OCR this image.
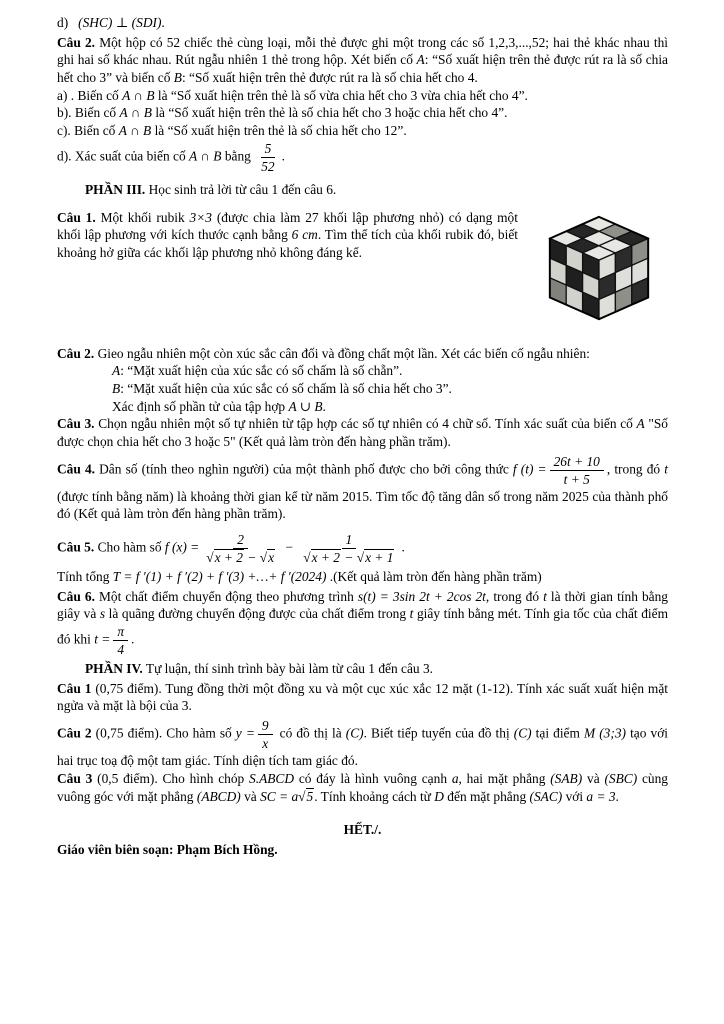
d) (SHC) ⊥ (SDI).

Câu 2. Một hộp có 52 chiếc thẻ cùng loại, mỗi thẻ được ghi một trong các số 1,2,3,...,52; hai thẻ khác nhau thì ghi hai số khác nhau. Rút ngẫu nhiên 1 thẻ trong hộp. Xét biến cố A: “Số xuất hiện trên thẻ được rút ra là số chia hết cho 3” và biến cố B: “Số xuất hiện trên thẻ được rút ra là số chia hết cho 4.

a) . Biến cố A ∩ B là “Số xuất hiện trên thẻ là số vừa chia hết cho 3 vừa chia hết cho 4”.

b). Biến cố A ∩ B là “Số xuất hiện trên thẻ là số chia hết cho 3 hoặc chia hết cho 4”.

c). Biến cố A ∩ B là “Số xuất hiện trên thẻ là số chia hết cho 12”.

d). Xác suất của biến cố A ∩ B bằng $\frac{5}{52}$ .

PHẦN III. Học sinh trả lời từ câu 1 đến câu 6.

Câu 1. Một khối rubik 3×3 (được chia làm 27 khối lập phương nhỏ) có dạng một khối lập phương với kích thước cạnh bằng 6 cm. Tìm thể tích của khối rubik đó, biết khoảng hở giữa các khối lập phương nhỏ không đáng kể.

Câu 2. Gieo ngẫu nhiên một còn xúc sắc cân đối và đồng chất một lần. Xét các biến cố ngẫu nhiên:

A: “Mặt xuất hiện của xúc sắc có số chấm là số chẵn”.

B: “Mặt xuất hiện của xúc sắc có số chấm là số chia hết cho 3”.

Xác định số phần tử của tập hợp A ∪ B.

Câu 3. Chọn ngẫu nhiên một số tự nhiên từ tập hợp các số tự nhiên có 4 chữ số. Tính xác suất của biến cố A "Số được chọn chia hết cho 3 hoặc 5" (Kết quả làm tròn đến hàng phần trăm).

Câu 4. Dân số (tính theo nghìn người) của một thành phố được cho bởi công thức f $(t) = \frac{26t + 10}{t + 5}$ , trong đó t (được tính bằng năm) là khoảng thời gian kể từ năm 2015. Tìm tốc độ tăng dân số trong năm 2025 của thành phố đó (Kết quả làm tròn đến hàng phần trăm).

Câu 5. Cho hàm số f (x) = 2
√ x + 2 − √ x − 1
√ x + 2 − √ x + 1 .

Tính tổng T = f ′(1) + f ′(2) + f ′(3) +…+ f ′(2024) .(Kết quả làm tròn đến hàng phần trăm)

Câu 6. Một chất điểm chuyển động theo phương trình s(t) = 3sin 2t + 2cos 2t, trong đó t là thời gian tính bằng giây và s là quãng đường chuyển động được của chất điểm trong t giây tính bằng mét. Tính gia tốc của chất điểm đó khi $t = \frac{\pi}{4}$ .

PHẦN IV. Tự luận, thí sinh trình bày bài làm từ câu 1 đến câu 3.

Câu 1 (0,75 điểm). Tung đồng thời một đồng xu và một cục xúc xắc 12 mặt (1-12). Tính xác suất xuất hiện mặt ngửa và mặt là bội của 3.

Câu 2 (0,75 điểm). Cho hàm số $y = \frac{9}{x}$ có đồ thị là (C). Biết tiếp tuyến của đồ thị (C) tại điểm M (3;3) tạo với hai trục toạ độ một tam giác. Tính diện tích tam giác đó.

Câu 3 (0,5 điểm). Cho hình chóp S.ABCD có đáy là hình vuông cạnh a, hai mặt phẳng (SAB) và (SBC) cùng vuông góc với mặt phẳng (ABCD) và SC = a √ 5. Tính khoảng cách từ D đến mặt phẳng (SAC) với a = 3.

HẾT./.

Giáo viên biên soạn: Phạm Bích Hồng.
